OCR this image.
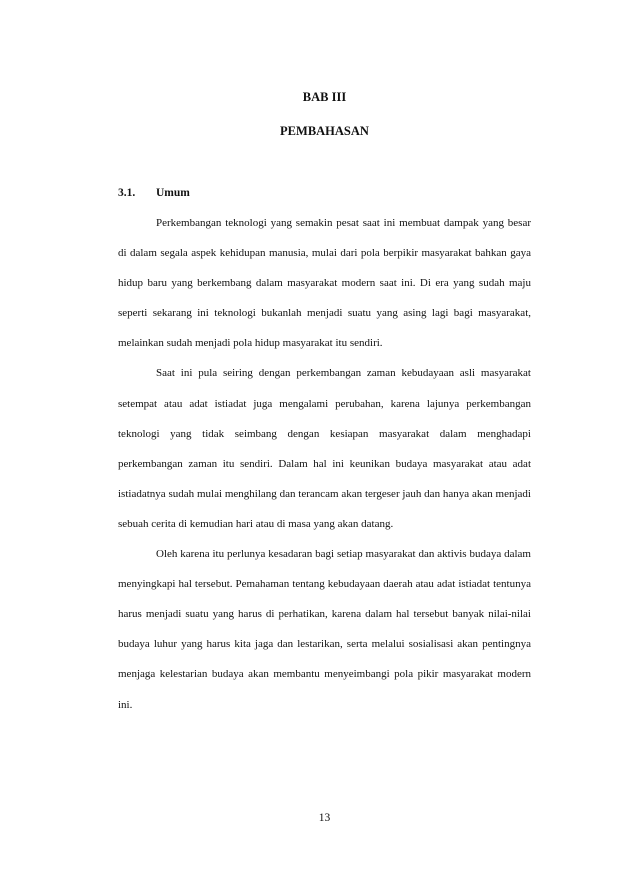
BAB III
PEMBAHASAN
3.1. Umum

Perkembangan teknologi yang semakin pesat saat ini membuat dampak yang besar di dalam segala aspek kehidupan manusia, mulai dari pola berpikir masyarakat bahkan gaya hidup baru yang berkembang dalam masyarakat modern saat ini. Di era yang sudah maju seperti sekarang ini teknologi bukanlah menjadi suatu yang asing lagi bagi masyarakat, melainkan sudah menjadi pola hidup masyarakat itu sendiri.

Saat ini pula seiring dengan perkembangan zaman kebudayaan asli masyarakat setempat atau adat istiadat juga mengalami perubahan, karena lajunya perkembangan teknologi yang tidak seimbang dengan kesiapan masyarakat dalam menghadapi perkembangan zaman itu sendiri. Dalam hal ini keunikan budaya masyarakat atau adat istiadatnya sudah mulai menghilang dan terancam akan tergeser jauh dan hanya akan menjadi sebuah cerita di kemudian hari atau di masa yang akan datang.

Oleh karena itu perlunya kesadaran bagi setiap masyarakat dan aktivis budaya dalam menyingkapi hal tersebut. Pemahaman tentang kebudayaan daerah atau adat istiadat tentunya harus menjadi suatu yang harus di perhatikan, karena dalam hal tersebut banyak nilai-nilai budaya luhur yang harus kita jaga dan lestarikan, serta melalui sosialisasi akan pentingnya menjaga kelestarian budaya akan membantu menyeimbangi pola pikir masyarakat modern ini.

13
